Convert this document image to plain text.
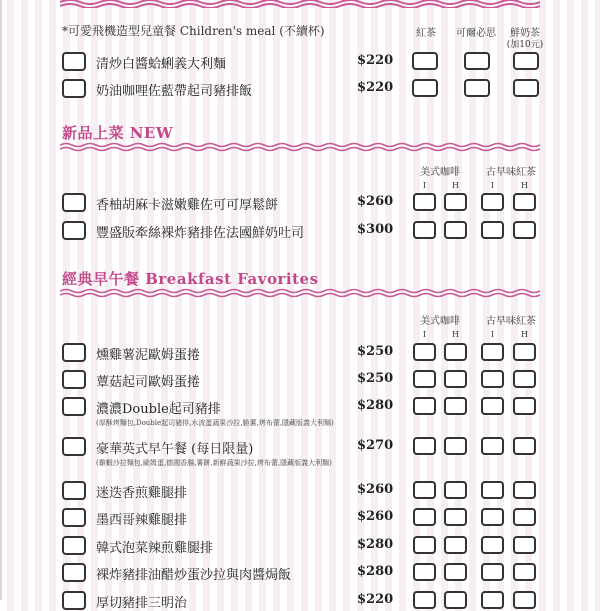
*可愛飛機造型兒童餐 Children's meal (不續杯)	紅茶	可爾必思	鮮奶茶
(加10元)
清炒白醬蛤蜊義大利麵	$220
奶油咖哩佐藍帶起司豬排飯	$220
新品上菜 NEW
美式咖啡	古早味紅茶
I	H	I	H
香柚胡麻卡滋嫩雞佐可可厚鬆餅	$260
豐盛版牽絲裸炸豬排佐法國鮮奶吐司	$300
經典早午餐 Breakfast Favorites
美式咖啡	古早味紅茶
I	H	I	H
燻雞薯泥歐姆蛋捲	$250
蕈菇起司歐姆蛋捲	$250
濃濃Double起司豬排	$280
(厚酥烤麵包,Double起司豬排,水波蛋蔬果沙拉,脆薯,烤布蕾,隱藏版義大利麵)
豪華英式早午餐 (每日限量)	$270
(雞蝦沙拉麵包,歐姆蛋,德國香腸,薯餅,新鮮蔬果沙拉,烤布蕾,隱藏版義大利麵)
迷迭香煎雞腿排	$260
墨西哥辣雞腿排	$260
韓式泡菜辣煎雞腿排	$280
裸炸豬排油醋炒蛋沙拉與肉醬焗飯	$280
厚切豬排三明治	$220
